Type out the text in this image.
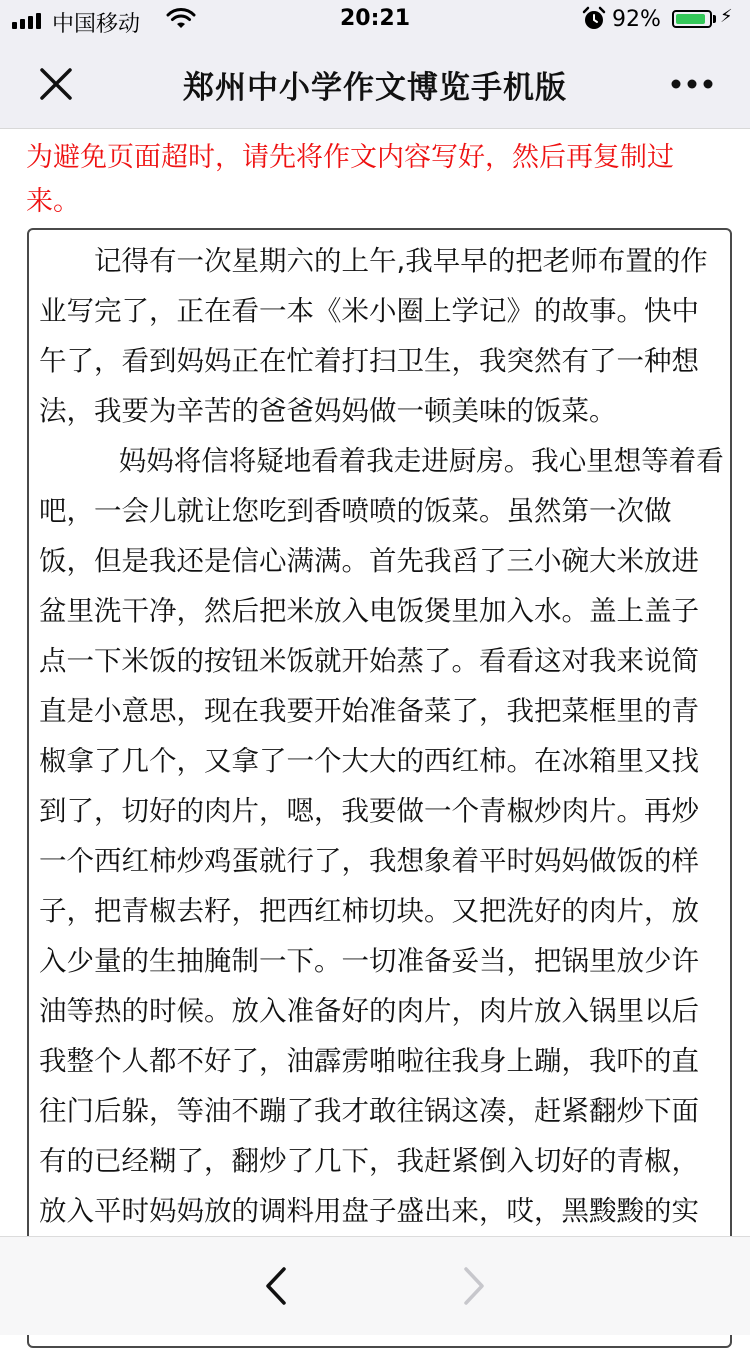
中国移动	20:21	92%	⚡
郑州中小学作文博览手机版
为避免页面超时，请先将作文内容写好，然后再复制过来。

记得有一次星期六的上午,我早早的把老师布置的作业写完了，正在看一本《米小圈上学记》的故事。快中午了，看到妈妈正在忙着打扫卫生，我突然有了一种想法，我要为辛苦的爸爸妈妈做一顿美味的饭菜。

妈妈将信将疑地看着我走进厨房。我心里想等着看吧，一会儿就让您吃到香喷喷的饭菜。虽然第一次做饭，但是我还是信心满满。首先我舀了三小碗大米放进盆里洗干净，然后把米放入电饭煲里加入水。盖上盖子点一下米饭的按钮米饭就开始蒸了。看看这对我来说简直是小意思，现在我要开始准备菜了，我把菜框里的青椒拿了几个，又拿了一个大大的西红柿。在冰箱里又找到了，切好的肉片，嗯，我要做一个青椒炒肉片。再炒一个西红柿炒鸡蛋就行了，我想象着平时妈妈做饭的样子，把青椒去籽，把西红柿切块。又把洗好的肉片，放入少量的生抽腌制一下。一切准备妥当，把锅里放少许油等热的时候。放入准备好的肉片，肉片放入锅里以后我整个人都不好了，油霹雳啪啦往我身上蹦，我吓的直往门后躲，等油不蹦了我才敢往锅这凑，赶紧翻炒下面有的已经糊了，翻炒了几下，我赶紧倒入切好的青椒，放入平时妈妈放的调料用盘子盛出来，哎，黑黢黢的实
